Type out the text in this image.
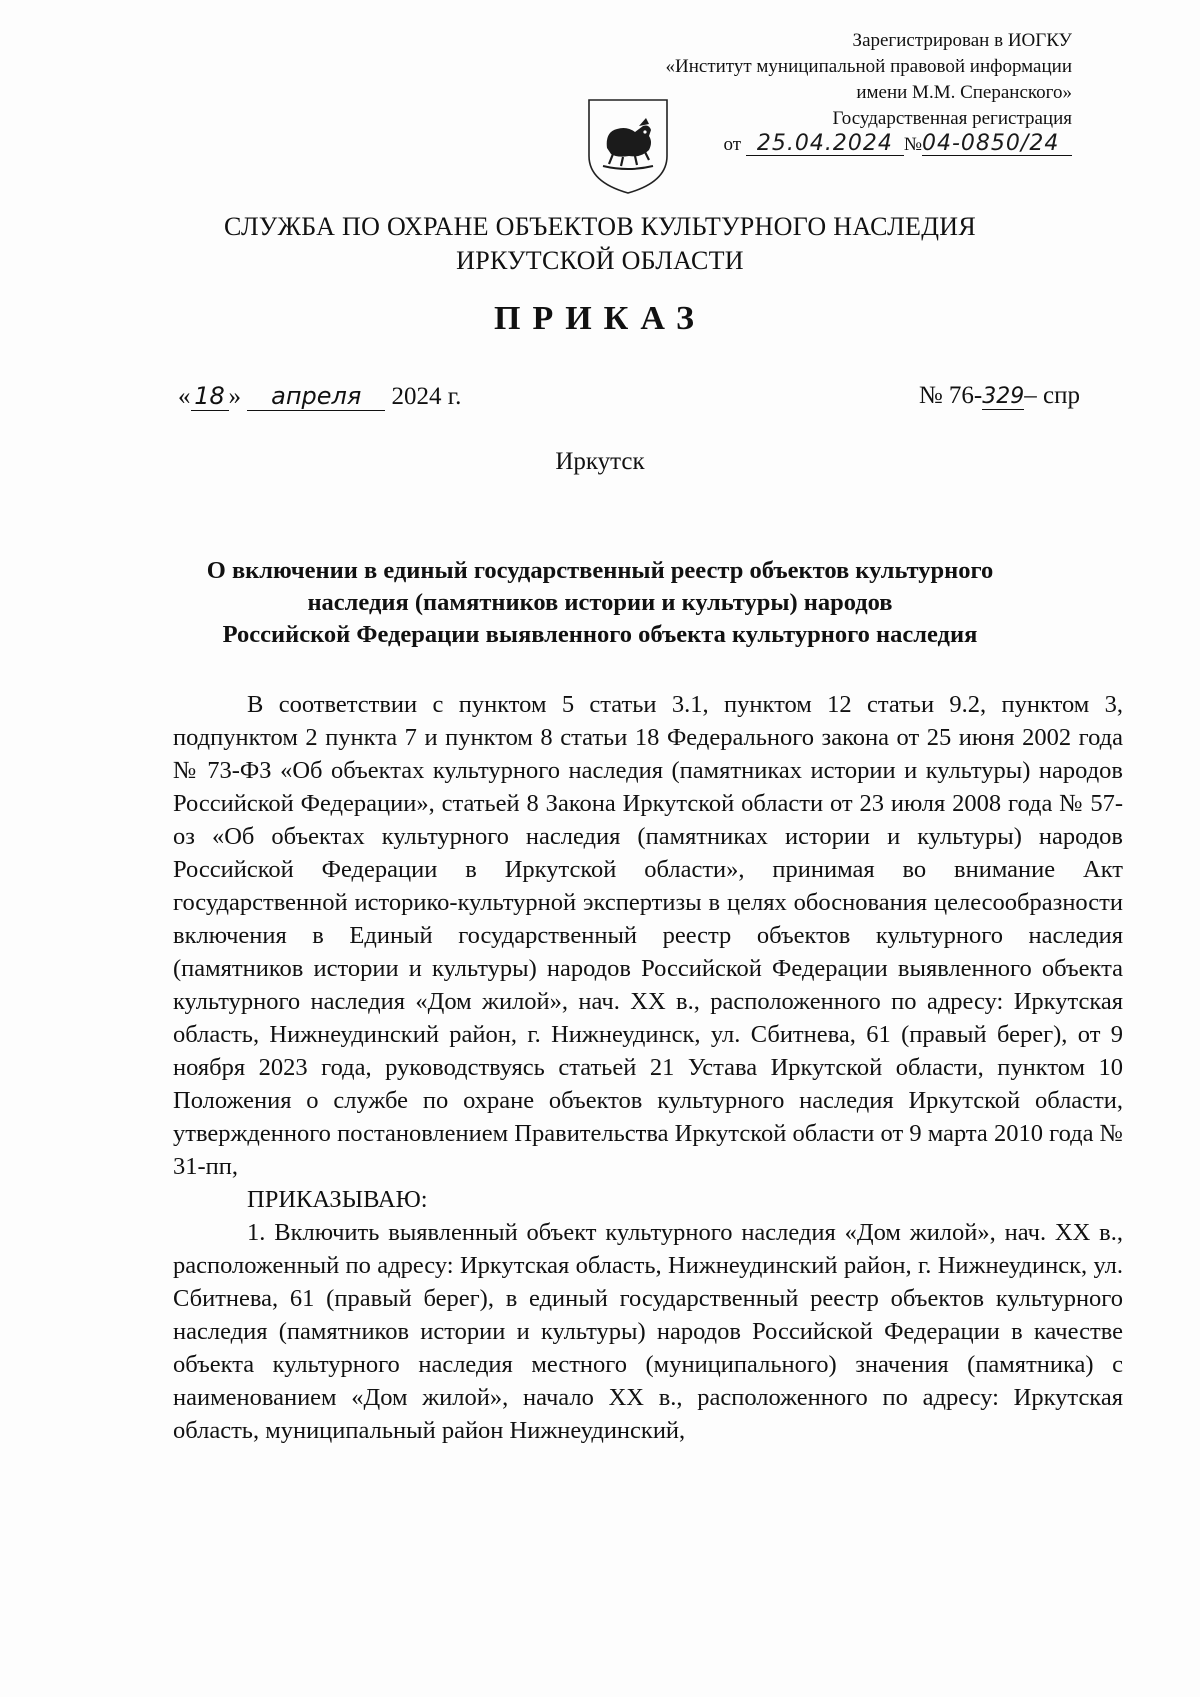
Зарегистрирован в ИОГКУ
«Институт муниципальной правовой информации
имени М.М. Сперанского»
Государственная регистрация
от 25.04.2024 №04-0850/24
СЛУЖБА ПО ОХРАНЕ ОБЪЕКТОВ КУЛЬТУРНОГО НАСЛЕДИЯ
ИРКУТСКОЙ ОБЛАСТИ
ПРИКАЗ
« 18 » апреля 2024 г.	№ 76-329– спр
Иркутск
О включении в единый государственный реестр объектов культурного
наследия (памятников истории и культуры) народов
Российской Федерации выявленного объекта культурного наследия

В соответствии с пунктом 5 статьи 3.1, пунктом 12 статьи 9.2, пунктом 3, подпунктом 2 пункта 7 и пунктом 8 статьи 18 Федерального закона от 25 июня 2002 года № 73-ФЗ «Об объектах культурного наследия (памятниках истории и культуры) народов Российской Федерации», статьей 8 Закона Иркутской области от 23 июля 2008 года № 57-оз «Об объектах культурного наследия (памятниках истории и культуры) народов Российской Федерации в Иркутской области», принимая во внимание Акт государственной историко-культурной экспертизы в целях обоснования целесообразности включения в Единый государственный реестр объектов культурного наследия (памятников истории и культуры) народов Российской Федерации выявленного объекта культурного наследия «Дом жилой», нач. XX в., расположенного по адресу: Иркутская область, Нижнеудинский район, г. Нижнеудинск, ул. Сбитнева, 61 (правый берег), от 9 ноября 2023 года, руководствуясь статьей 21 Устава Иркутской области, пунктом 10 Положения о службе по охране объектов культурного наследия Иркутской области, утвержденного постановлением Правительства Иркутской области от 9 марта 2010 года № 31-пп,

ПРИКАЗЫВАЮ:

1. Включить выявленный объект культурного наследия «Дом жилой», нач. XX в., расположенный по адресу: Иркутская область, Нижнеудинский район, г. Нижнеудинск, ул. Сбитнева, 61 (правый берег), в единый государственный реестр объектов культурного наследия (памятников истории и культуры) народов Российской Федерации в качестве объекта культурного наследия местного (муниципального) значения (памятника) с наименованием «Дом жилой», начало XX в., расположенного по адресу: Иркутская область, муниципальный район Нижнеудинский,
